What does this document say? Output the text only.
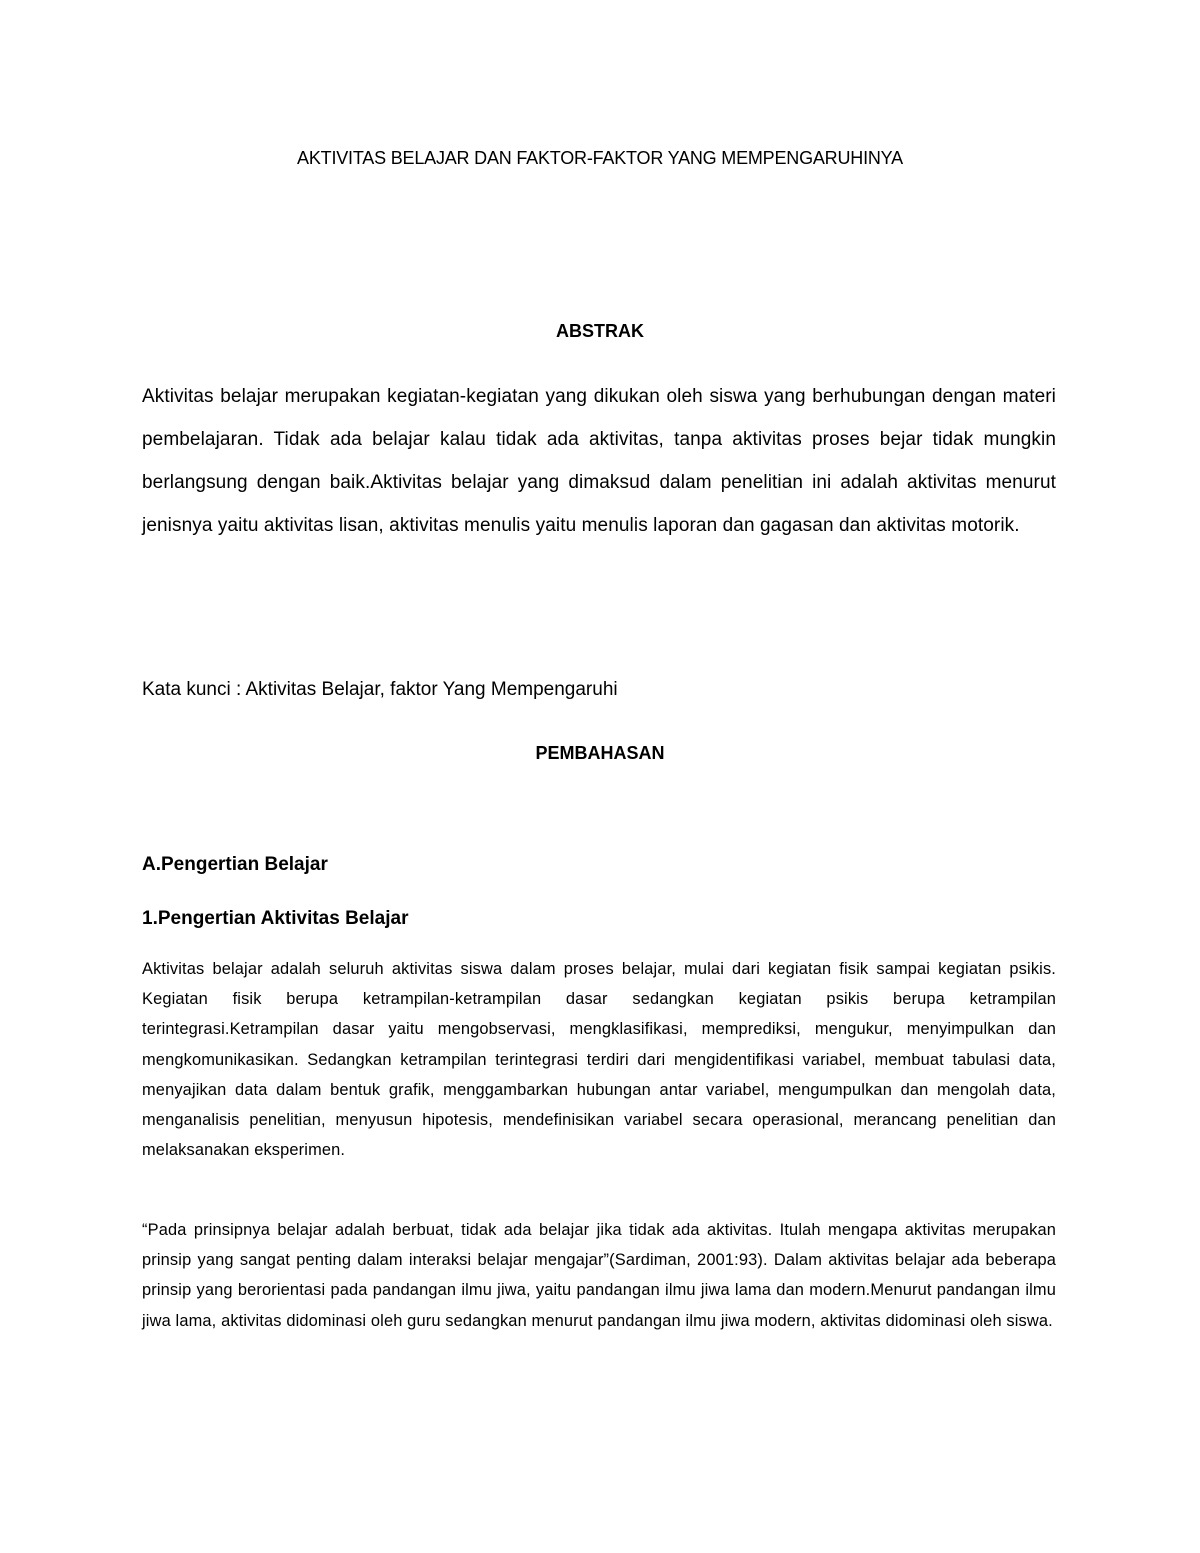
AKTIVITAS BELAJAR DAN FAKTOR-FAKTOR YANG MEMPENGARUHINYA
ABSTRAK
Aktivitas belajar merupakan kegiatan-kegiatan yang dikukan oleh siswa yang berhubungan dengan materi pembelajaran. Tidak ada belajar kalau tidak ada aktivitas, tanpa aktivitas proses bejar tidak mungkin berlangsung dengan baik.Aktivitas belajar yang dimaksud dalam penelitian ini adalah aktivitas menurut jenisnya yaitu aktivitas lisan, aktivitas menulis yaitu menulis laporan dan gagasan dan aktivitas motorik.
Kata kunci : Aktivitas Belajar, faktor Yang Mempengaruhi
PEMBAHASAN
A.Pengertian Belajar
1.Pengertian Aktivitas Belajar
Aktivitas belajar adalah seluruh aktivitas siswa dalam proses belajar, mulai dari kegiatan fisik sampai kegiatan psikis. Kegiatan fisik berupa ketrampilan-ketrampilan dasar sedangkan kegiatan psikis berupa ketrampilan terintegrasi.Ketrampilan dasar yaitu mengobservasi, mengklasifikasi, memprediksi, mengukur, menyimpulkan dan mengkomunikasikan. Sedangkan ketrampilan terintegrasi terdiri dari mengidentifikasi variabel, membuat tabulasi data, menyajikan data dalam bentuk grafik, menggambarkan hubungan antar variabel, mengumpulkan dan mengolah data, menganalisis penelitian, menyusun hipotesis, mendefinisikan variabel secara operasional, merancang penelitian dan melaksanakan eksperimen.
“Pada prinsipnya belajar adalah berbuat, tidak ada belajar jika tidak ada aktivitas. Itulah mengapa aktivitas merupakan prinsip yang sangat penting dalam interaksi belajar mengajar”(Sardiman, 2001:93). Dalam aktivitas belajar ada beberapa prinsip yang berorientasi pada pandangan ilmu jiwa, yaitu pandangan ilmu jiwa lama dan modern.Menurut pandangan ilmu jiwa lama, aktivitas didominasi oleh guru sedangkan menurut pandangan ilmu jiwa modern, aktivitas didominasi oleh siswa.
